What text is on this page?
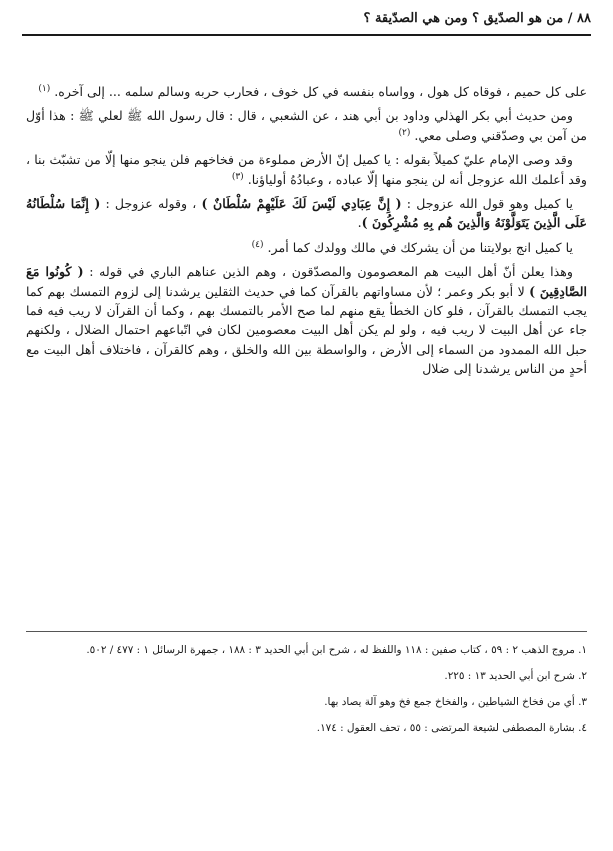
٨٨ / من هو الصدّيق ؟ ومن هي الصدّيقة ؟

على كل حميم ، فوقاه كل هول ، وواساه بنفسه في كل خوف ، فحارب حربه وسالم سلمه ... إلى آخره. $^{(١)}$

ومن حديث أبي بكر الهذلي وداود بن أبي هند ، عن الشعبي ، قال : قال رسول الله ﷺ لعلي ﷺ : هذا أوّل من آمن بي وصدّقني وصلى معي. $^{(٢)}$

وقد وصى الإمام عليّ كميلاً بقوله : يا كميل إنّ الأرض مملوءة من فخاخهم فلن ينجو منها إلّا من تشبّث بنا ، وقد أعلمك الله عزوجل أنه لن ينجو منها إلّا عباده ، وعبادُهُ أولياؤنا. $^{(٣)}$

يا كميل وهو قول الله عزوجل : ( إِنَّ عِبَادِي لَيْسَ لَكَ عَلَيْهِمْ سُلْطَانٌ ) ، وقوله عزوجل : ( إِنَّمَا سُلْطَانُهُ عَلَى الَّذِينَ يَتَوَلَّوْنَهُ وَالَّذِينَ هُم بِهِ مُشْرِكُونَ ).

يا كميل انج بولايتنا من أن يشركك في مالك وولدك كما أمر. $^{(٤)}$

وهذا يعلن أنّ أهل البيت هم المعصومون والمصدّقون ، وهم الذين عناهم الباري في قوله : ( كُونُوا مَعَ الصَّادِقِينَ ) لا أبو بكر وعمر ؛ لأن مساواتهم بالقرآن كما في حديث الثقلين يرشدنا إلى لزوم التمسك بهم كما يجب التمسك بالقرآن ، فلو كان الخطأ يقع منهم لما صح الأمر بالتمسك بهم ، وكما أن القرآن لا ريب فيه فما جاء عن أهل البيت لا ريب فيه ، ولو لم يكن أهل البيت معصومين لكان في اتّباعهم احتمال الضلال ، ولكنهم حبل الله الممدود من السماء إلى الأرض ، والواسطة بين الله والخلق ، وهم كالقرآن ، فاختلاف أهل البيت مع أحدٍ من الناس يرشدنا إلى ضلال

١. مروج الذهب ٢ : ٥٩ ، كتاب صفين : ١١٨ واللفظ له ، شرح ابن أبي الحديد ٣ : ١٨٨ ، جمهرة الرسائل ١ : ٤٧٧ / ٥٠٢.

٢. شرح ابن أبي الحديد ١٣ : ٢٢٥.

٣. أي من فخاخ الشياطين ، والفخاخ جمع فخ وهو آلة يصاد بها.

٤. بشارة المصطفى لشيعة المرتضى : ٥٥ ، تحف العقول : ١٧٤.
